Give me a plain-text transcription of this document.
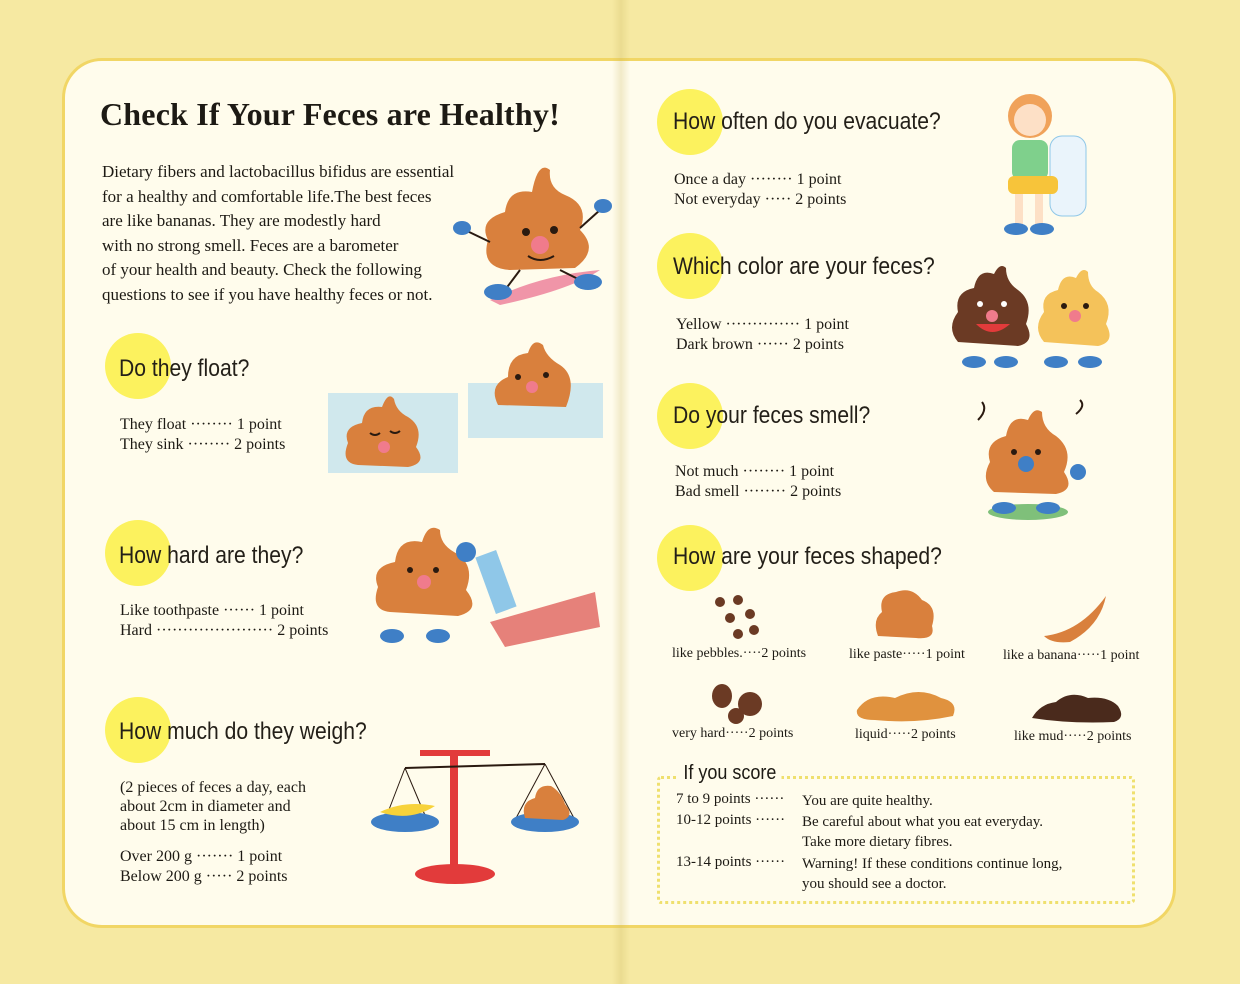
Check If Your Feces are Healthy!
Dietary fibers and lactobacillus bifidus are essential
for a healthy and comfortable life.The best feces
are like bananas. They are modestly hard
with no strong smell. Feces are a barometer
of your health and beauty. Check the following
questions to see if you have healthy feces or not.
Do they float?
They float ········ 1 point
They sink ········ 2 points
How hard are they?
Like toothpaste ······ 1 point
Hard ······················ 2 points
How much do they weigh?
(2 pieces of feces a day, each
about 2cm in diameter and
about 15 cm in length)
Over 200 g ······· 1 point
Below 200 g ····· 2 points
How often do you evacuate?
Once a day ········ 1 point
Not everyday ····· 2 points
Which color are your feces?
Yellow ·············· 1 point
Dark brown ······ 2 points
Do your feces smell?
Not much ········ 1 point
Bad smell ········ 2 points
How are your feces shaped?
like pebbles.····2 points	like paste·····1 point	like a banana·····1 point
very hard·····2 points	liquid·····2 points	like mud·····2 points
If you score
7 to 9 points ······ You are quite healthy.
10-12 points ······ Be careful about what you eat everyday.
Take more dietary fibres.
13-14 points ······ Warning! If these conditions continue long,
you should see a doctor.
